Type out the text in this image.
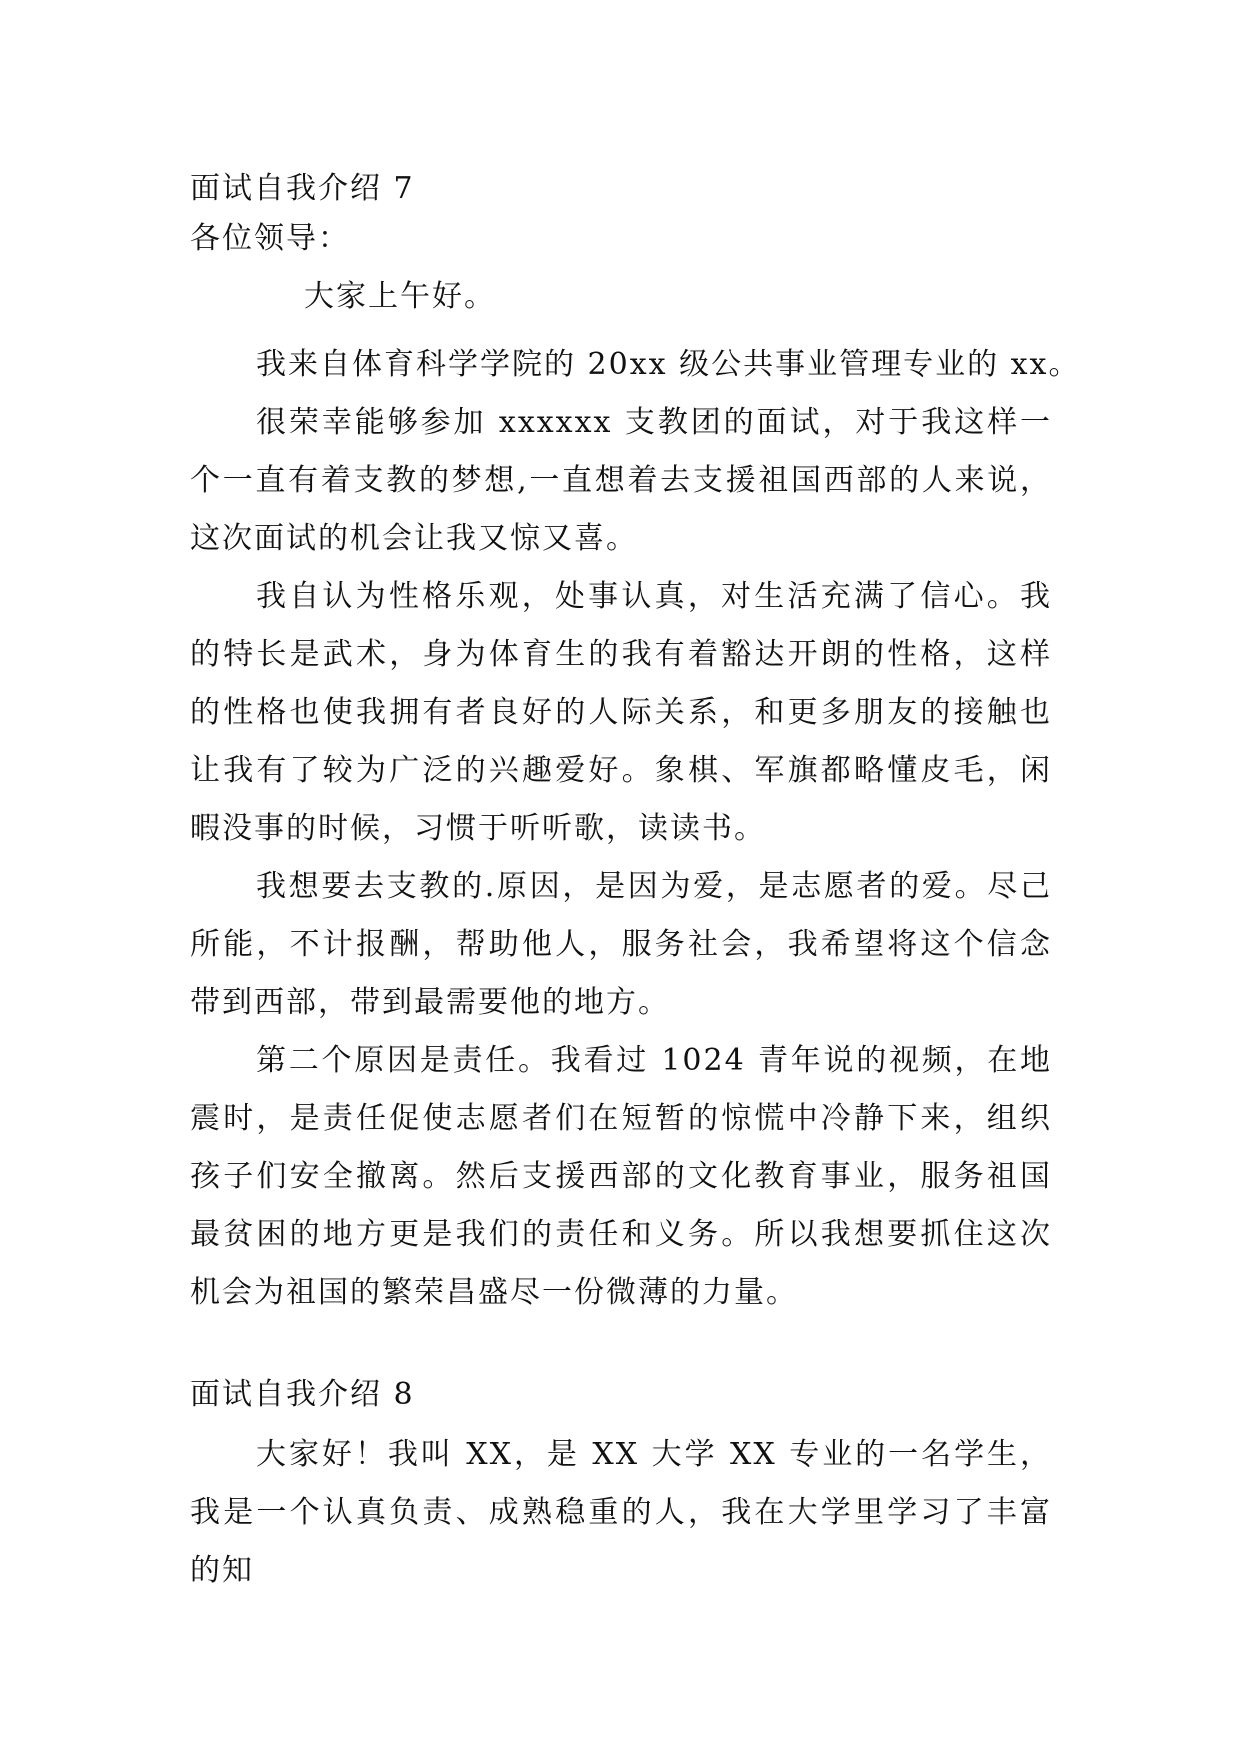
面试自我介绍 7

各位领导：

大家上午好。

我来自体育科学学院的 20xx 级公共事业管理专业的 xx。

很荣幸能够参加 xxxxxx 支教团的面试，对于我这样一个一直有着支教的梦想,一直想着去支援祖国西部的人来说，这次面试的机会让我又惊又喜。

我自认为性格乐观，处事认真，对生活充满了信心。我的特长是武术，身为体育生的我有着豁达开朗的性格，这样的性格也使我拥有者良好的人际关系，和更多朋友的接触也让我有了较为广泛的兴趣爱好。象棋、军旗都略懂皮毛，闲暇没事的时候，习惯于听听歌，读读书。

我想要去支教的.原因，是因为爱，是志愿者的爱。尽己所能，不计报酬，帮助他人，服务社会，我希望将这个信念带到西部，带到最需要他的地方。

第二个原因是责任。我看过 1024 青年说的视频，在地震时，是责任促使志愿者们在短暂的惊慌中冷静下来，组织孩子们安全撤离。然后支援西部的文化教育事业，服务祖国最贫困的地方更是我们的责任和义务。所以我想要抓住这次机会为祖国的繁荣昌盛尽一份微薄的力量。

面试自我介绍 8

大家好！我叫 XX，是 XX 大学 XX 专业的一名学生，我是一个认真负责、成熟稳重的人，我在大学里学习了丰富的知
